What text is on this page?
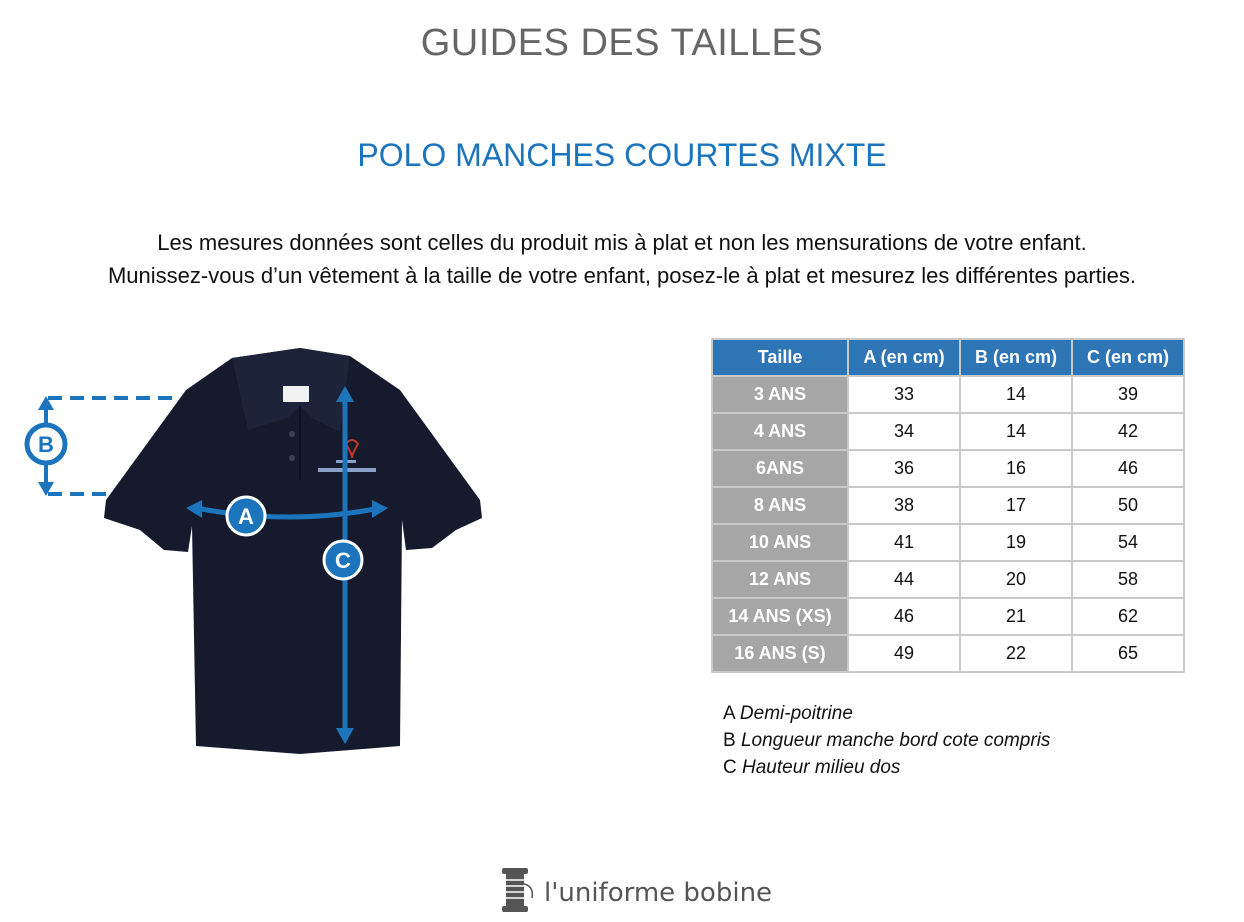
GUIDES DES TAILLES
POLO MANCHES COURTES MIXTE
Les mesures données sont celles du produit mis à plat et non les mensurations de votre enfant.
Munissez-vous d’un vêtement à la taille de votre enfant, posez-le à plat et mesurez les différentes parties.
B
A
C
Taille	A (en cm)	B (en cm)	C (en cm)
3 ANS	33	14	39
4 ANS	34	14	42
6ANS	36	16	46
8 ANS	38	17	50
10 ANS	41	19	54
12 ANS	44	20	58
14 ANS (XS)	46	21	62
16 ANS (S)	49	22	65
A Demi-poitrine
B Longueur manche bord cote compris
C Hauteur milieu dos
l'uniforme bobine
